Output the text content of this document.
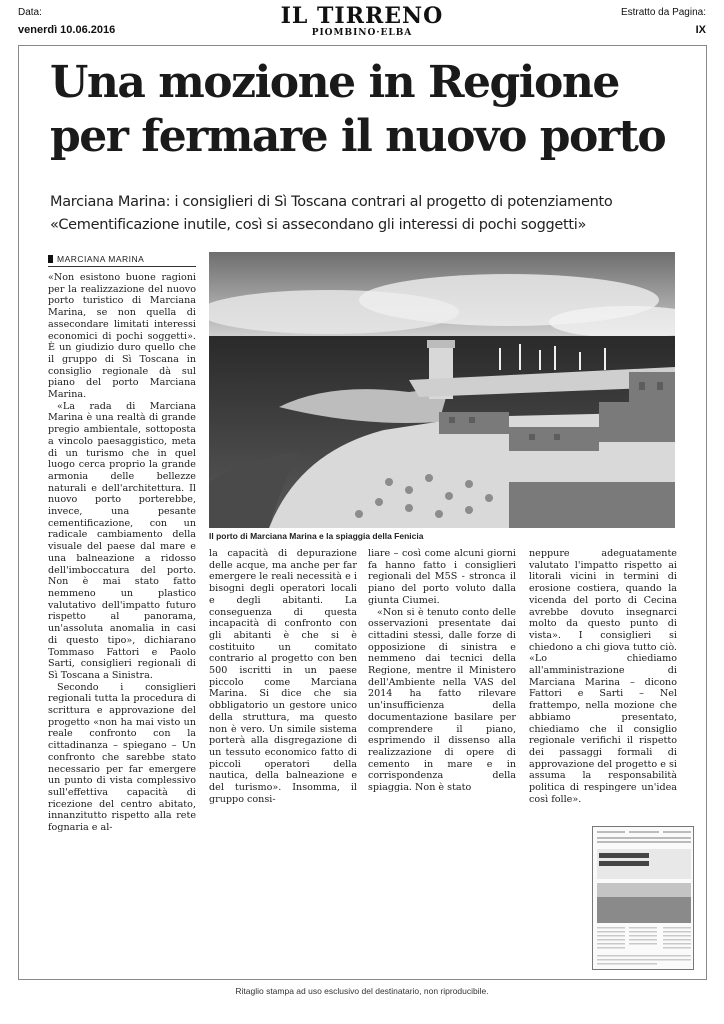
Data:
venerdì 10.06.2016
IL TIRRENO
PIOMBINO·ELBA
Estratto da Pagina:
IX
Una mozione in Regione
per fermare il nuovo porto
Marciana Marina: i consiglieri di Sì Toscana contrari al progetto di potenziamento
«Cementificazione inutile, così si assecondano gli interessi di pochi soggetti»
MARCIANA MARINA

«Non esistono buone ragioni per la realizzazione del nuovo porto turistico di Marciana Marina, se non quella di assecondare limitati interessi economici di pochi soggetti». È un giudizio duro quello che il gruppo di Sì Toscana in consiglio regionale dà sul piano del porto Marciana Marina.

«La rada di Marciana Marina è una realtà di grande pregio ambientale, sottoposta a vincolo paesaggistico, meta di un turismo che in quel luogo cerca proprio la grande armonia delle bellezze naturali e dell'architettura. Il nuovo porto porterebbe, invece, una pesante cementificazione, con un radicale cambiamento della visuale del paese dal mare e una balneazione a ridosso dell'imboccatura del porto. Non è mai stato fatto nemmeno un plastico valutativo dell'impatto futuro rispetto al panorama, un'assoluta anomalia in casi di questo tipo», dichiarano Tommaso Fattori e Paolo Sarti, consiglieri regionali di Sì Toscana a Sinistra.

Secondo i consiglieri regionali tutta la procedura di scrittura e approvazione del progetto «non ha mai visto un reale confronto con la cittadinanza – spiegano – Un confronto che sarebbe stato necessario per far emergere un punto di vista complessivo sull'effettiva capacità di ricezione del centro abitato, innanzitutto rispetto alla rete fognaria e al-

Il porto di Marciana Marina e la spiaggia della Fenicia

la capacità di depurazione delle acque, ma anche per far emergere le reali necessità e i bisogni degli operatori locali e degli abitanti. La conseguenza di questa incapacità di confronto con gli abitanti è che si è costituito un comitato contrario al progetto con ben 500 iscritti in un paese piccolo come Marciana Marina. Si dice che sia obbligatorio un gestore unico della struttura, ma questo non è vero. Un simile sistema porterà alla disgregazione di un tessuto economico fatto di piccoli operatori della nautica, della balneazione e del turismo». Insomma, il gruppo consi-

liare – così come alcuni giorni fa hanno fatto i consiglieri regionali del M5S - stronca il piano del porto voluto dalla giunta Ciumei.

«Non si è tenuto conto delle osservazioni presentate dai cittadini stessi, dalle forze di opposizione di sinistra e nemmeno dai tecnici della Regione, mentre il Ministero dell'Ambiente nella VAS del 2014 ha fatto rilevare un'insufficienza della documentazione basilare per comprendere il piano, esprimendo il dissenso alla realizzazione di opere di cemento in mare e in corrispondenza della spiaggia. Non è stato

neppure adeguatamente valutato l'impatto rispetto ai litorali vicini in termini di erosione costiera, quando la vicenda del porto di Cecina avrebbe dovuto insegnarci molto da questo punto di vista». I consiglieri si chiedono a chi giova tutto ciò. «Lo chiediamo all'amministrazione di Marciana Marina – dicono Fattori e Sarti – Nel frattempo, nella mozione che abbiamo presentato, chiediamo che il consiglio regionale verifichi il rispetto dei passaggi formali di approvazione del progetto e si assuma la responsabilità politica di respingere un'idea così folle».

Ritaglio stampa ad uso esclusivo del destinatario, non riproducibile.
